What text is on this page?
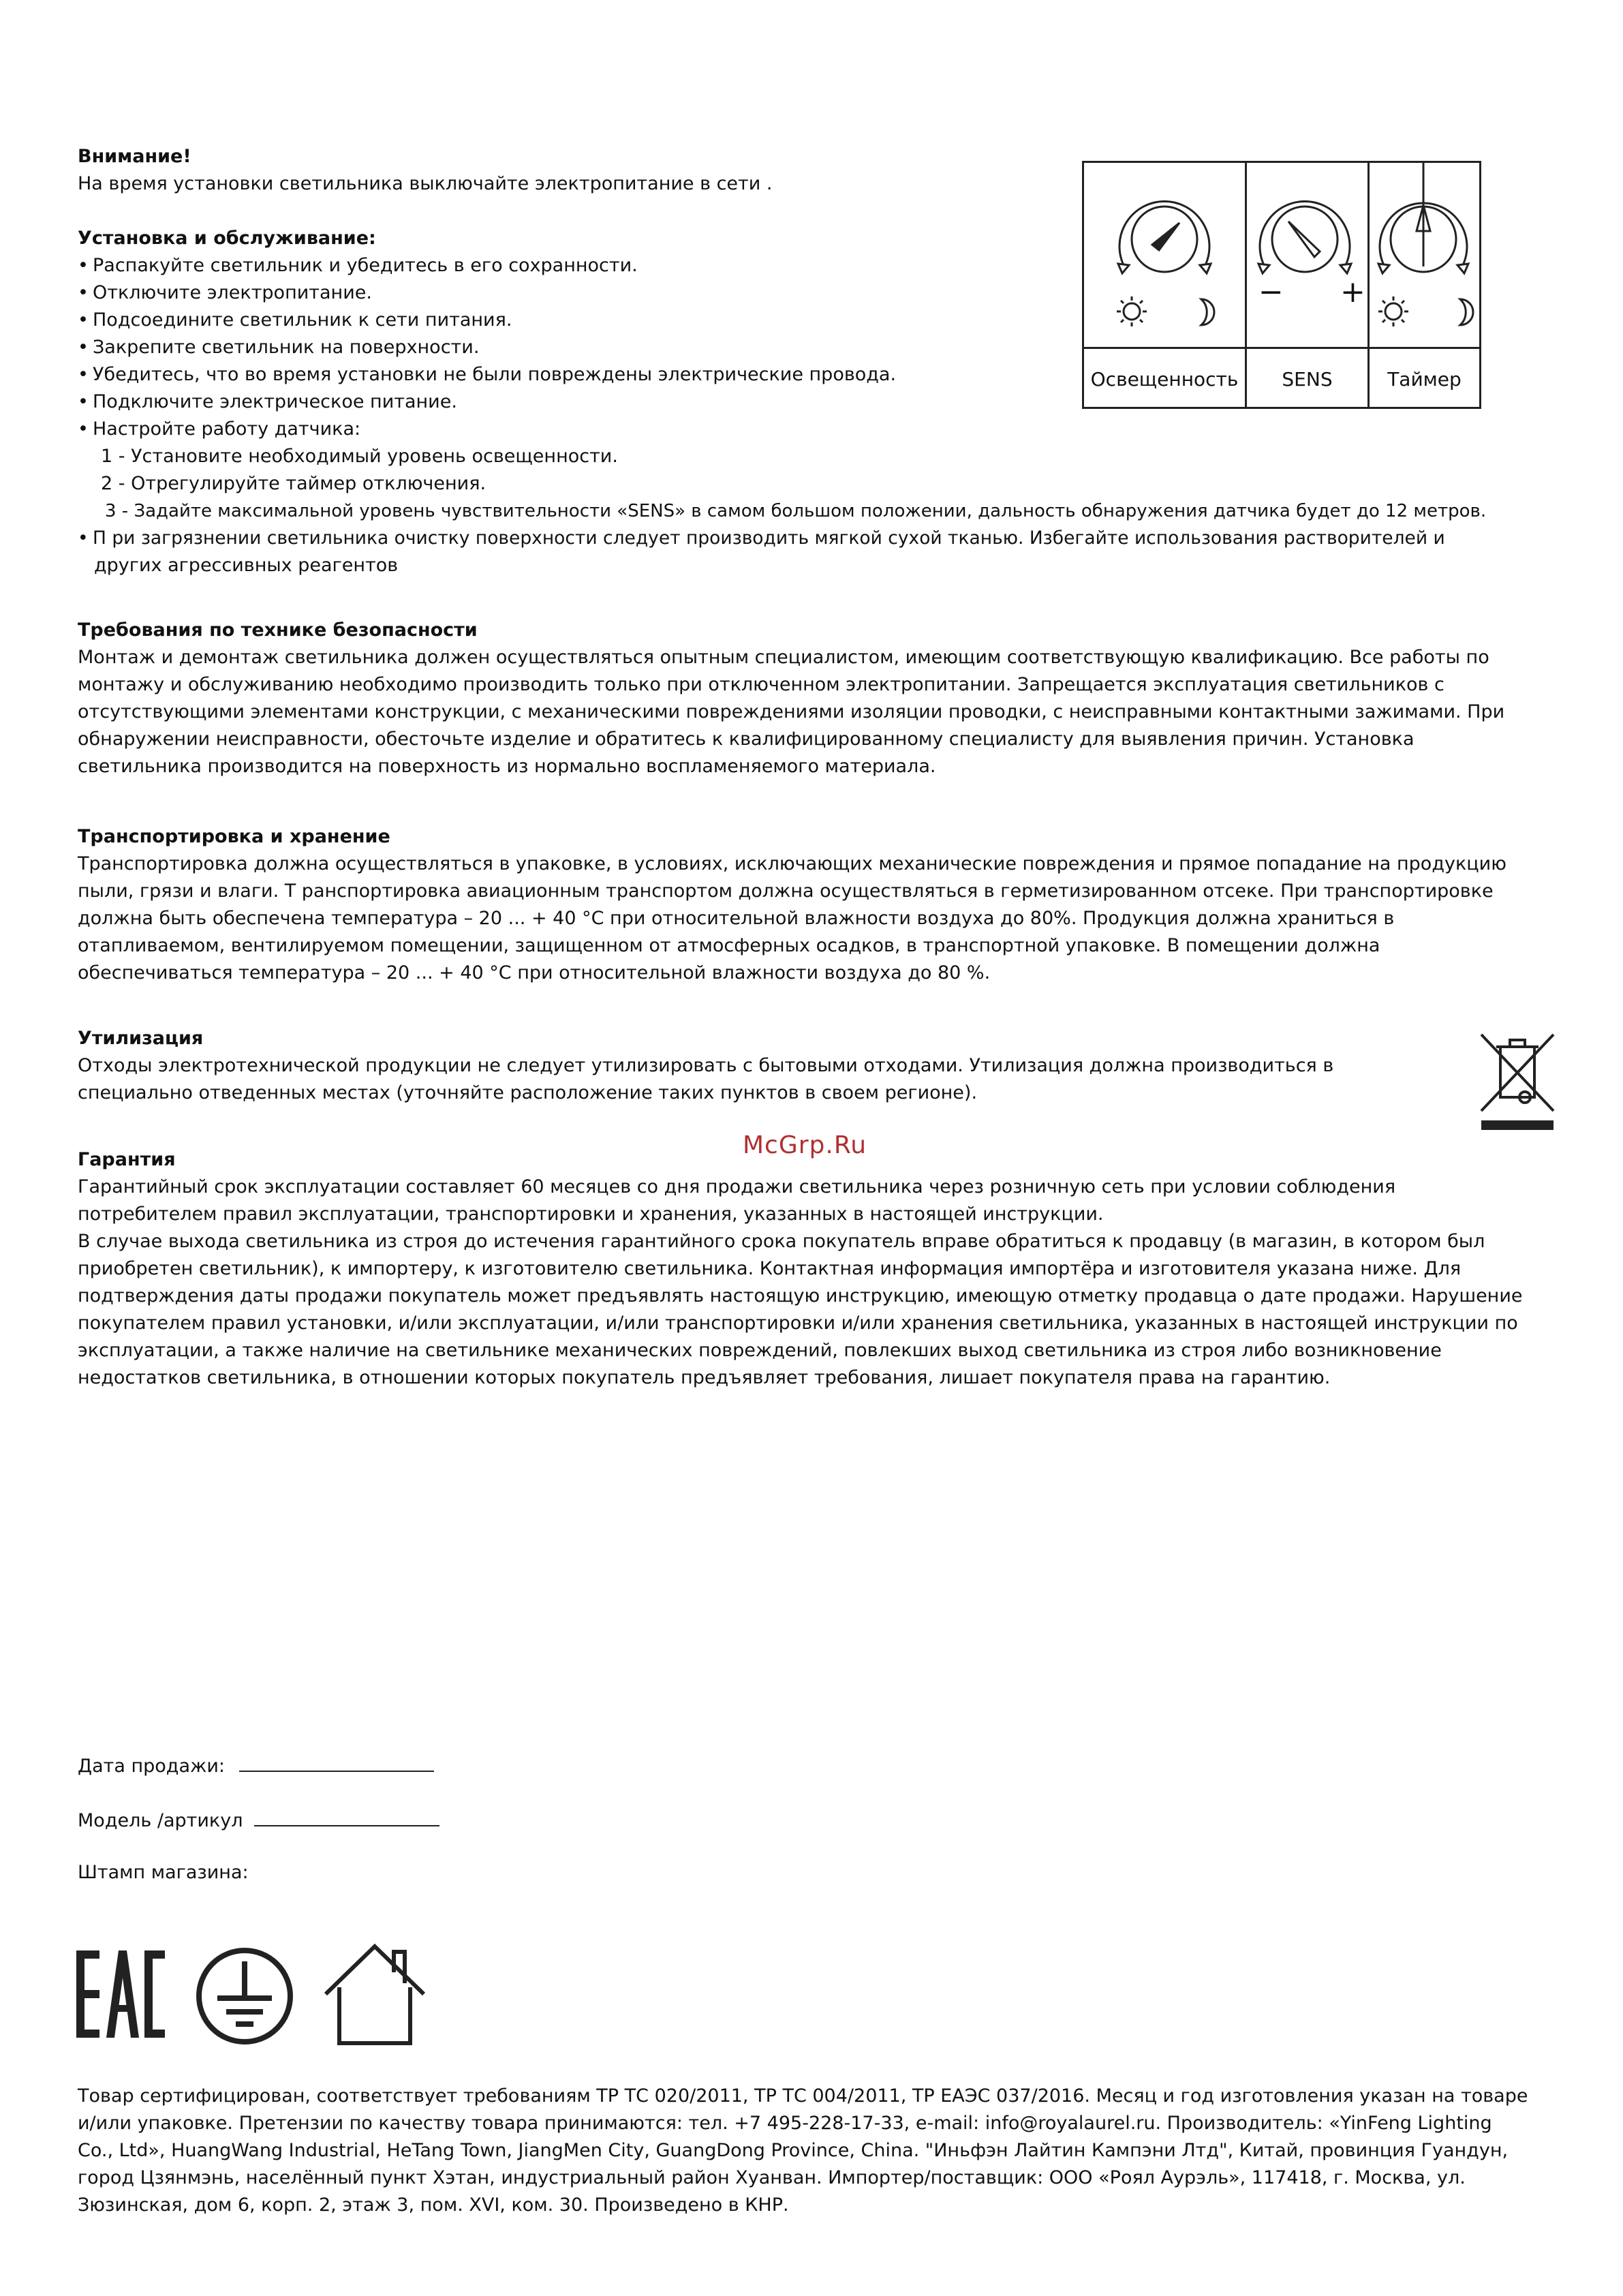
Внимание!
На время установки светильника выключайте электропитание в сети .
Установка и обслуживание:
• Распакуйте светильник и убедитесь в его сохранности.
• Отключите электропитание.
• Подсоедините светильник к сети питания.
• Закрепите светильник на поверхности.
• Убедитесь, что во время установки не были повреждены электрические провода.
• Подключите электрическое питание.
• Настройте работу датчика:
1 - Установите необходимый уровень освещенности.
2 - Отрегулируйте таймер отключения.
3 - Задайте максимальной уровень чувствительности «SENS» в самом большом положении, дальность обнаружения датчика будет до 12 метров.
• П ри загрязнении светильника очистку поверхности следует производить мягкой сухой тканью. Избегайте использования растворителей и
других агрессивных реагентов
− +
Освещенность	SENS	Таймер
Требования по технике безопасности
Монтаж и демонтаж светильника должен осуществляться опытным специалистом, имеющим соответствующую квалификацию. Все работы по монтажу и обслуживанию необходимо производить только при отключенном электропитании. Запрещается эксплуатация светильников с отсутствующими элементами конструкции, с механическими повреждениями изоляции проводки, с неисправными контактными зажимами. При обнаружении неисправности, обесточьте изделие и обратитесь к квалифицированному специалисту для выявления причин. Установка светильника производится на поверхность из нормально воспламеняемого материала.
Транспортировка и хранение
Транспортировка должна осуществляться в упаковке, в условиях, исключающих механические повреждения и прямое попадание на продукцию пыли, грязи и влаги. Т ранспортировка авиационным транспортом должна осуществляться в герметизированном отсеке. При транспортировке должна быть обеспечена температура – 20 ... + 40 °С при относительной влажности воздуха до 80%. Продукция должна храниться в отапливаемом, вентилируемом помещении, защищенном от атмосферных осадков, в транспортной упаковке. В помещении должна обеспечиваться температура – 20 ... + 40 °С при относительной влажности воздуха до 80 %.
Утилизация
Отходы электротехнической продукции не следует утилизировать с бытовыми отходами. Утилизация должна производиться в специально отведенных местах (уточняйте расположение таких пунктов в своем регионе).
McGrp.Ru
Гарантия
Гарантийный срок эксплуатации составляет 60 месяцев со дня продажи светильника через розничную сеть при условии соблюдения потребителем правил эксплуатации, транспортировки и хранения, указанных в настоящей инструкции.
В случае выхода светильника из строя до истечения гарантийного срока покупатель вправе обратиться к продавцу (в магазин, в котором был приобретен светильник), к импортеру, к изготовителю светильника. Контактная информация импортёра и изготовителя указана ниже. Для подтверждения даты продажи покупатель может предъявлять настоящую инструкцию, имеющую отметку продавца о дате продажи. Нарушение покупателем правил установки, и/или эксплуатации, и/или транспортировки и/или хранения светильника, указанных в настоящей инструкции по эксплуатации, а также наличие на светильнике механических повреждений, повлекших выход светильника из строя либо возникновение недостатков светильника, в отношении которых покупатель предъявляет требования, лишает покупателя права на гарантию.
Дата продажи:
Модель /артикул
Штамп магазина:
Товар сертифицирован, соответствует требованиям ТР ТС 020/2011, ТР ТС 004/2011, ТР ЕАЭС 037/2016. Месяц и год изготовления указан на товаре и/или упаковке. Претензии по качеству товара принимаются: тел. +7 495-228-17-33, e-mail: info@royalaurel.ru. Производитель: «YinFeng Lighting Co., Ltd», HuangWang Industrial, HeTang Town, JiangMen City, GuangDong Province, China. "Иньфэн Лайтин Кампэни Лтд", Китай, провинция Гуандун, город Цзянмэнь, населённый пункт Хэтан, индустриальный район Хуанван. Импортер/поставщик: ООО «Роял Аурэль», 117418, г. Москва, ул. Зюзинская, дом 6, корп. 2, этаж 3, пом. XVI, ком. 30. Произведено в КНР.
